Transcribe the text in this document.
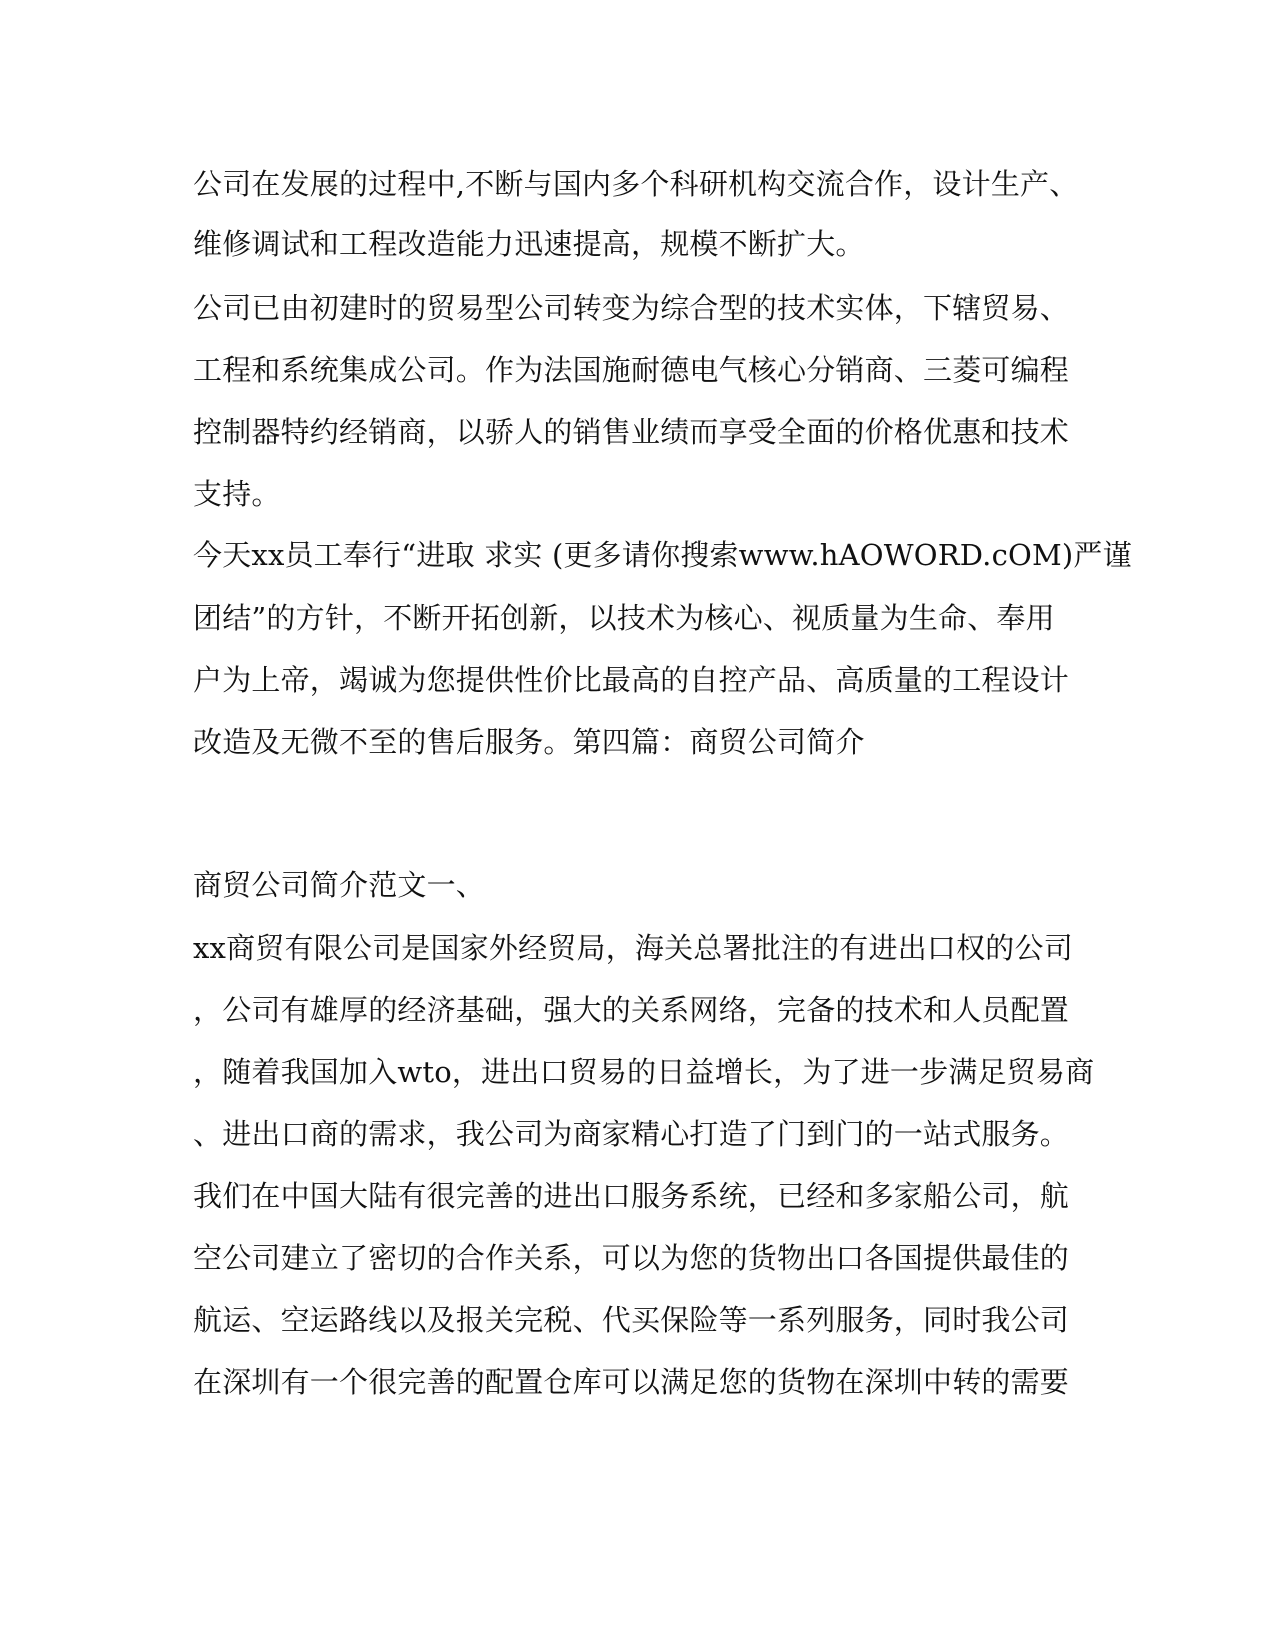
公司在发展的过程中,不断与国内多个科研机构交流合作，设计生产、
维修调试和工程改造能力迅速提高，规模不断扩大。
公司已由初建时的贸易型公司转变为综合型的技术实体，下辖贸易、
工程和系统集成公司。作为法国施耐德电气核心分销商、三菱可编程
控制器特约经销商，以骄人的销售业绩而享受全面的价格优惠和技术
支持。
今天xx员工奉行“进取 求实 (更多请你搜索www.hAOWORD.cOM)严谨
团结”的方针，不断开拓创新，以技术为核心、视质量为生命、奉用
户为上帝，竭诚为您提供性价比最高的自控产品、高质量的工程设计
改造及无微不至的售后服务。第四篇：商贸公司简介
商贸公司简介范文一、
xx商贸有限公司是国家外经贸局，海关总署批注的有进出口权的公司
，公司有雄厚的经济基础，强大的关系网络，完备的技术和人员配置
，随着我国加入wto，进出口贸易的日益增长，为了进一步满足贸易商
、进出口商的需求，我公司为商家精心打造了门到门的一站式服务。
我们在中国大陆有很完善的进出口服务系统，已经和多家船公司，航
空公司建立了密切的合作关系，可以为您的货物出口各国提供最佳的
航运、空运路线以及报关完税、代买保险等一系列服务，同时我公司
在深圳有一个很完善的配置仓库可以满足您的货物在深圳中转的需要
